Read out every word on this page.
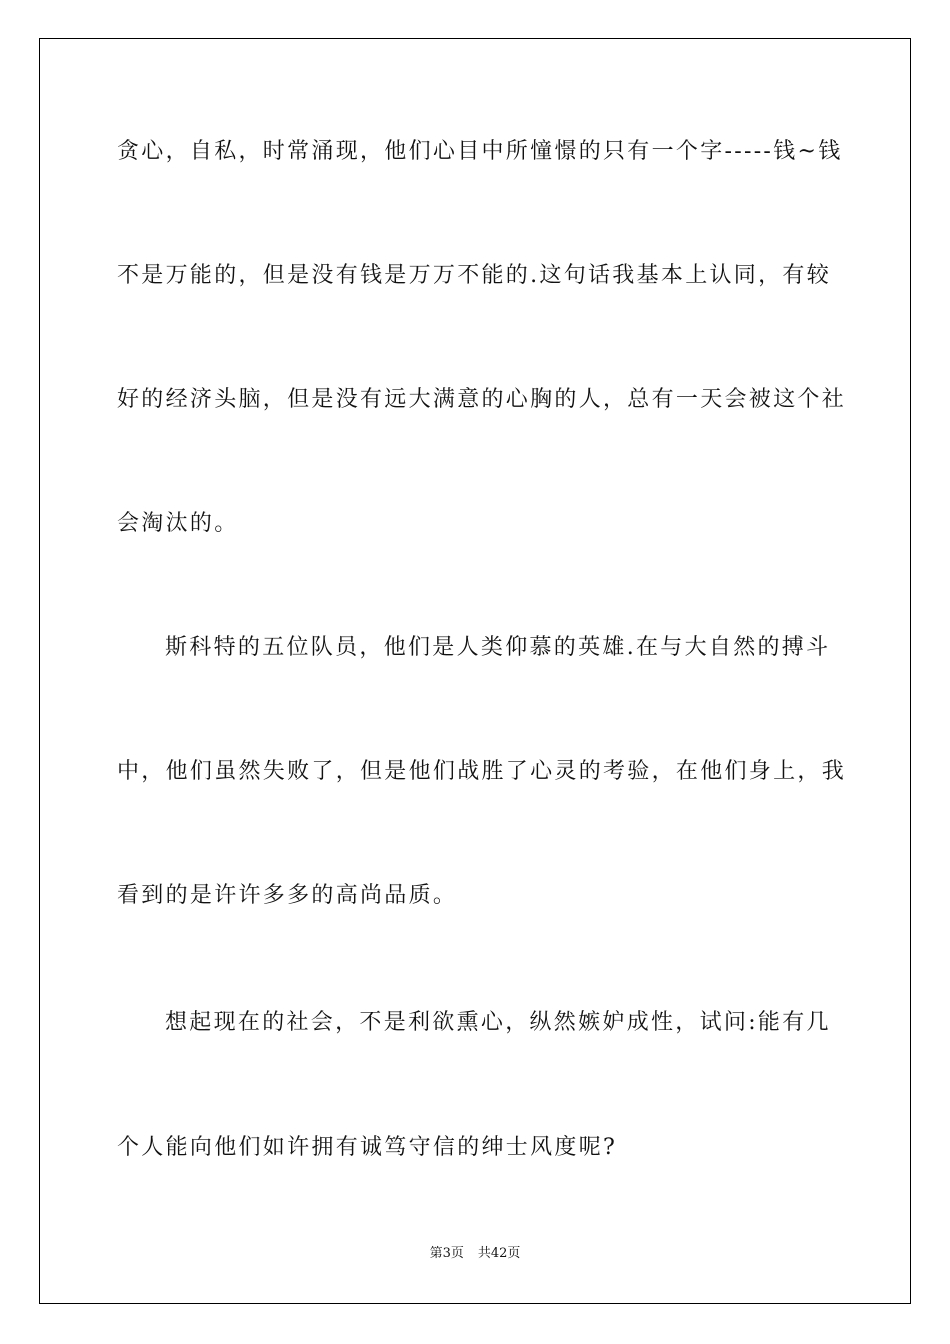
贪心，自私，时常涌现，他们心目中所憧憬的只有一个字-----钱~钱
不是万能的，但是没有钱是万万不能的.这句话我基本上认同，有较
好的经济头脑，但是没有远大满意的心胸的人，总有一天会被这个社
会淘汰的。
斯科特的五位队员，他们是人类仰慕的英雄.在与大自然的搏斗
中，他们虽然失败了，但是他们战胜了心灵的考验，在他们身上，我
看到的是许许多多的高尚品质。
想起现在的社会，不是利欲熏心，纵然嫉妒成性，试问:能有几
个人能向他们如许拥有诚笃守信的绅士风度呢?
第3页 共42页
